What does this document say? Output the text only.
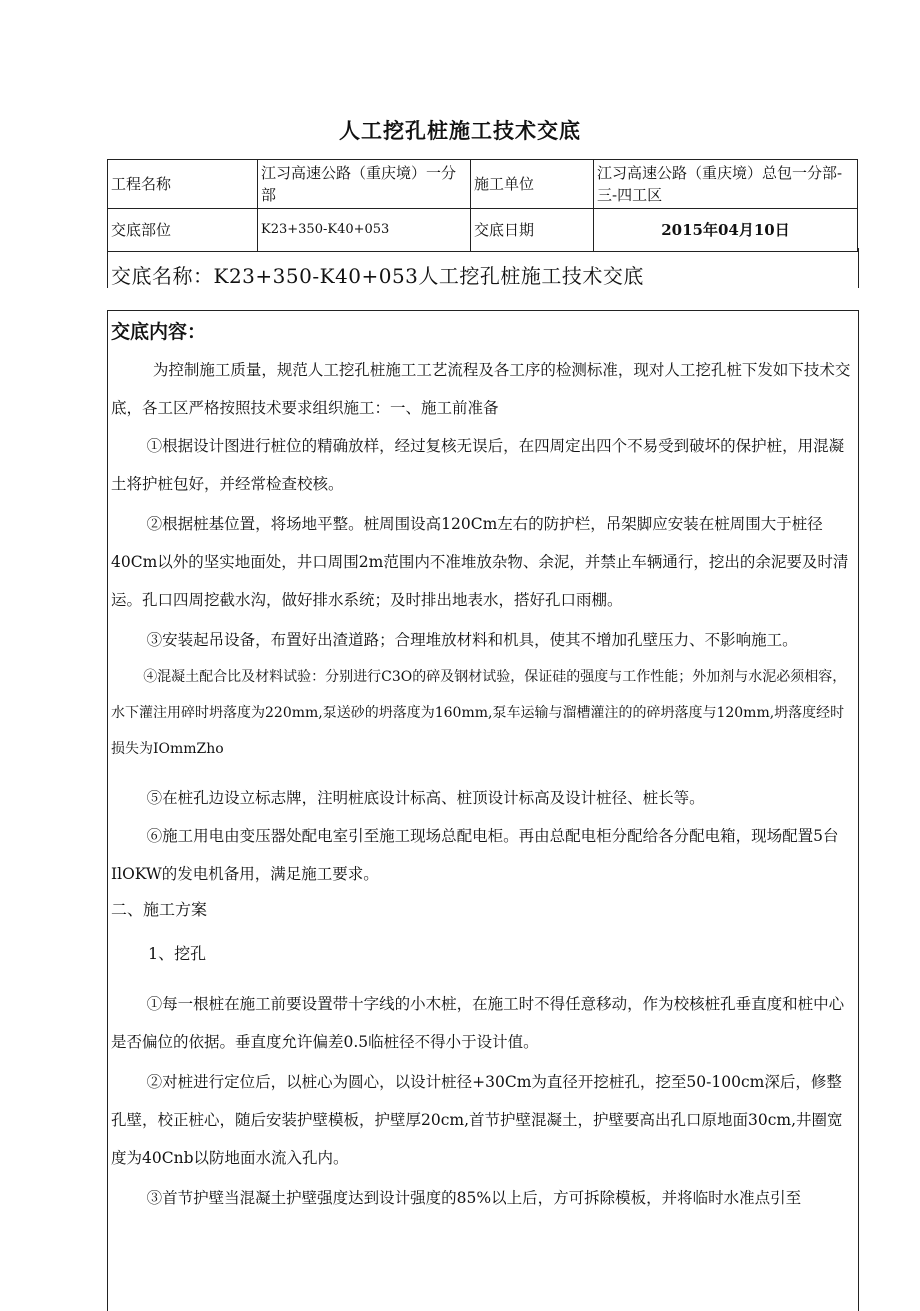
人工挖孔桩施工技术交底
工程名称	江习高速公路（重庆境）一分部	施工单位	江习高速公路（重庆境）总包一分部-三-四工区
交底部位	K23+350-K40+053	交底日期	2015年04月10日
交底名称：K23+350-K40+053人工挖孔桩施工技术交底
交底内容：
为控制施工质量，规范人工挖孔桩施工工艺流程及各工序的检测标准，现对人工挖孔桩下发如下技术交底，各工区严格按照技术要求组织施工：一、施工前准备
①根据设计图进行桩位的精确放样，经过复核无误后，在四周定出四个不易受到破坏的保护桩，用混凝土将护桩包好，并经常检查校核。
②根据桩基位置，将场地平整。桩周围设高120Cm左右的防护栏，吊架脚应安装在桩周围大于桩径40Cm以外的坚实地面处，井口周围2m范围内不准堆放杂物、余泥，并禁止车辆通行，挖出的余泥要及时清运。孔口四周挖截水沟，做好排水系统；及时排出地表水，搭好孔口雨棚。
③安装起吊设备，布置好出渣道路；合理堆放材料和机具，使其不增加孔壁压力、不影响施工。
④混凝土配合比及材料试验：分别进行C3O的碎及钢材试验，保证硅的强度与工作性能；外加剂与水泥必须相容，水下灌注用碎时坍落度为220mm,泵送砂的坍落度为160mm,泵车运输与溜槽灌注的的碎坍落度与120mm,坍落度经时损失为IOmmZho
⑤在桩孔边设立标志牌，注明桩底设计标高、桩顶设计标高及设计桩径、桩长等。
⑥施工用电由变压器处配电室引至施工现场总配电柜。再由总配电柜分配给各分配电箱，现场配置5台IlOKW的发电机备用，满足施工要求。
二、施工方案
1、挖孔
①每一根桩在施工前要设置带十字线的小木桩，在施工时不得任意移动，作为校核桩孔垂直度和桩中心是否偏位的依据。垂直度允许偏差0.5临桩径不得小于设计值。
②对桩进行定位后，以桩心为圆心，以设计桩径+30Cm为直径开挖桩孔，挖至50-100cm深后，修整孔壁，校正桩心，随后安装护壁模板，护壁厚20cm,首节护壁混凝土，护壁要高出孔口原地面30cm,井圈宽度为40Cnb以防地面水流入孔内。
③首节护壁当混凝土护壁强度达到设计强度的85%以上后，方可拆除模板，并将临时水准点引至
